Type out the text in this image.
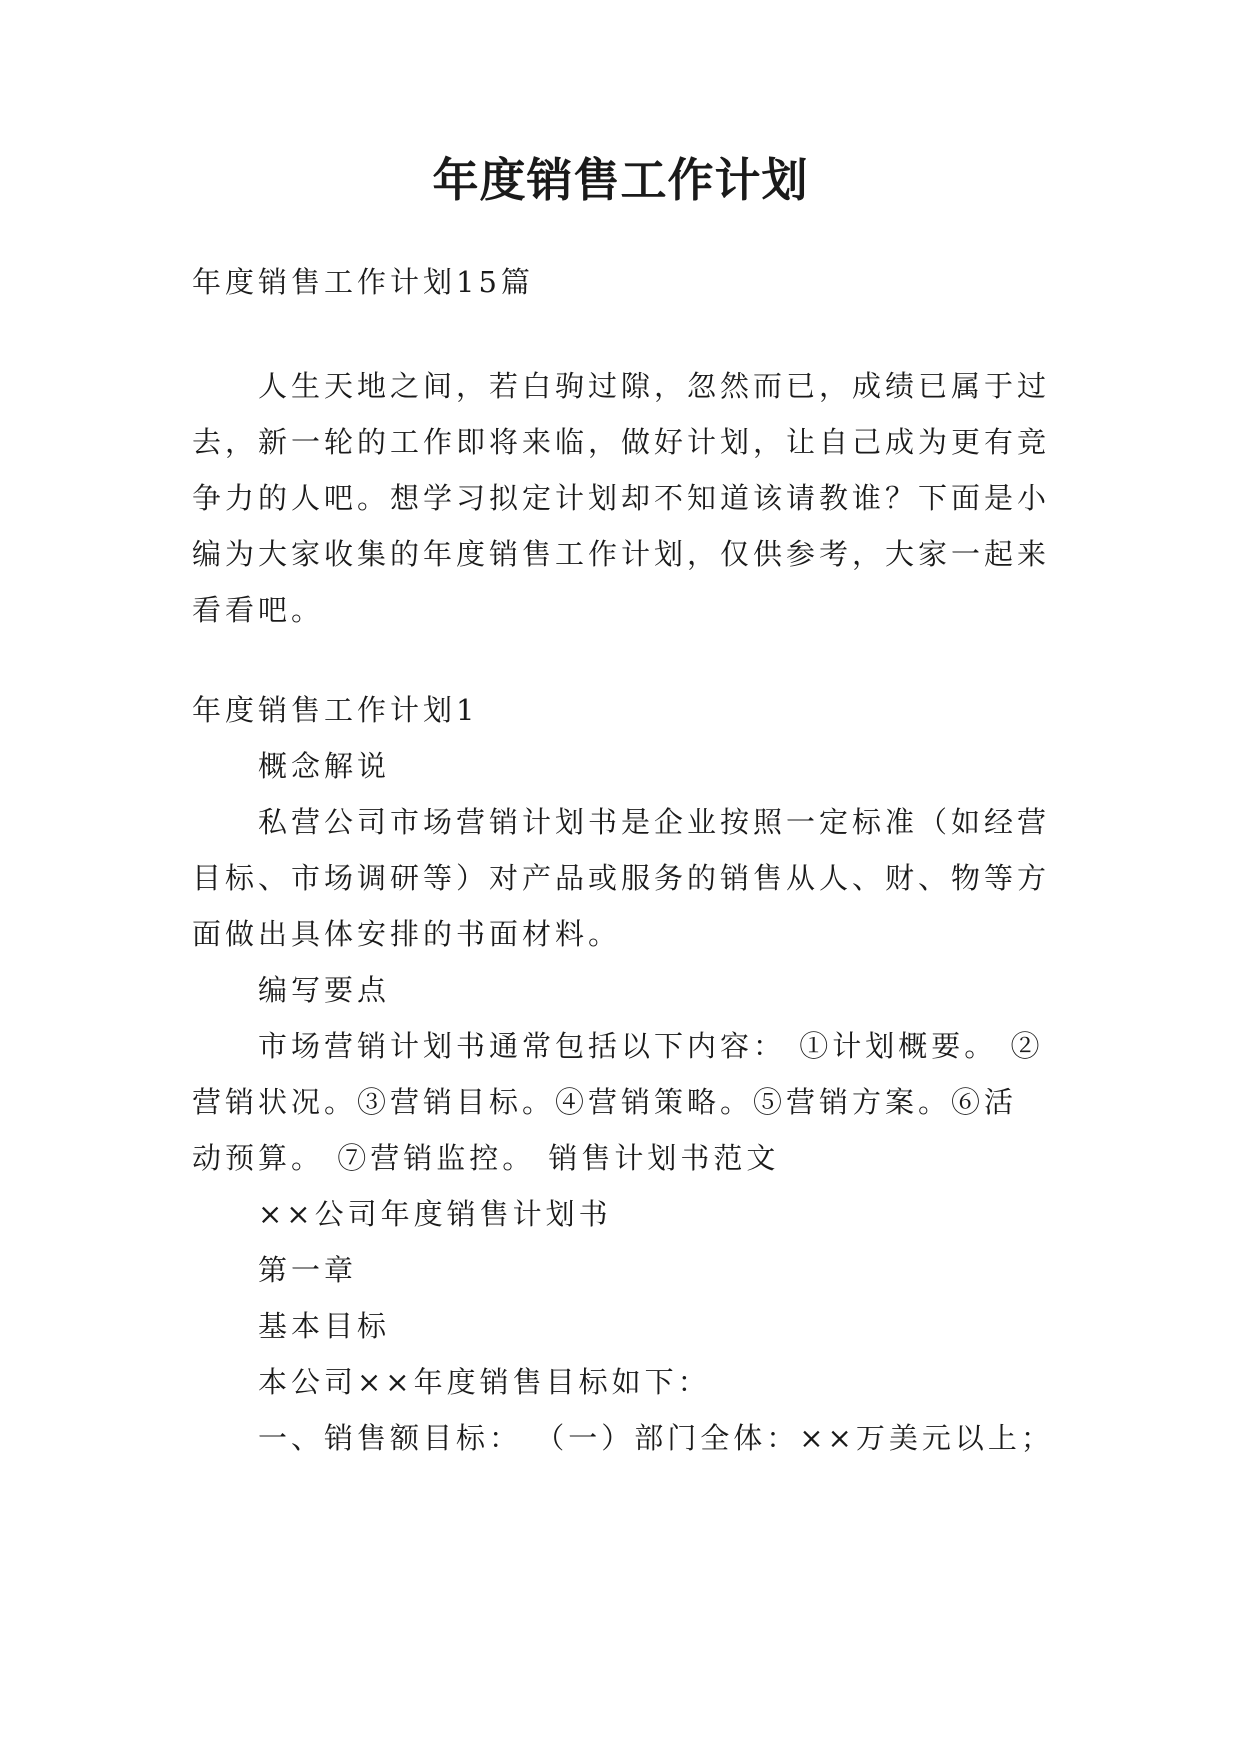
年度销售工作计划
年度销售工作计划15篇
人生天地之间，若白驹过隙，忽然而已，成绩已属于过
去，新一轮的工作即将来临，做好计划，让自己成为更有竞
争力的人吧。想学习拟定计划却不知道该请教谁？下面是小
编为大家收集的年度销售工作计划，仅供参考，大家一起来
看看吧。
年度销售工作计划1
概念解说
私营公司市场营销计划书是企业按照一定标准（如经营
目标、市场调研等）对产品或服务的销售从人、财、物等方
面做出具体安排的书面材料。
编写要点
市场营销计划书通常包括以下内容： ①计划概要。 ②
营销状况。③营销目标。④营销策略。⑤营销方案。⑥活
动预算。 ⑦营销监控。 销售计划书范文
××公司年度销售计划书
第一章
基本目标
本公司××年度销售目标如下：
一、销售额目标： （一）部门全体：××万美元以上；
